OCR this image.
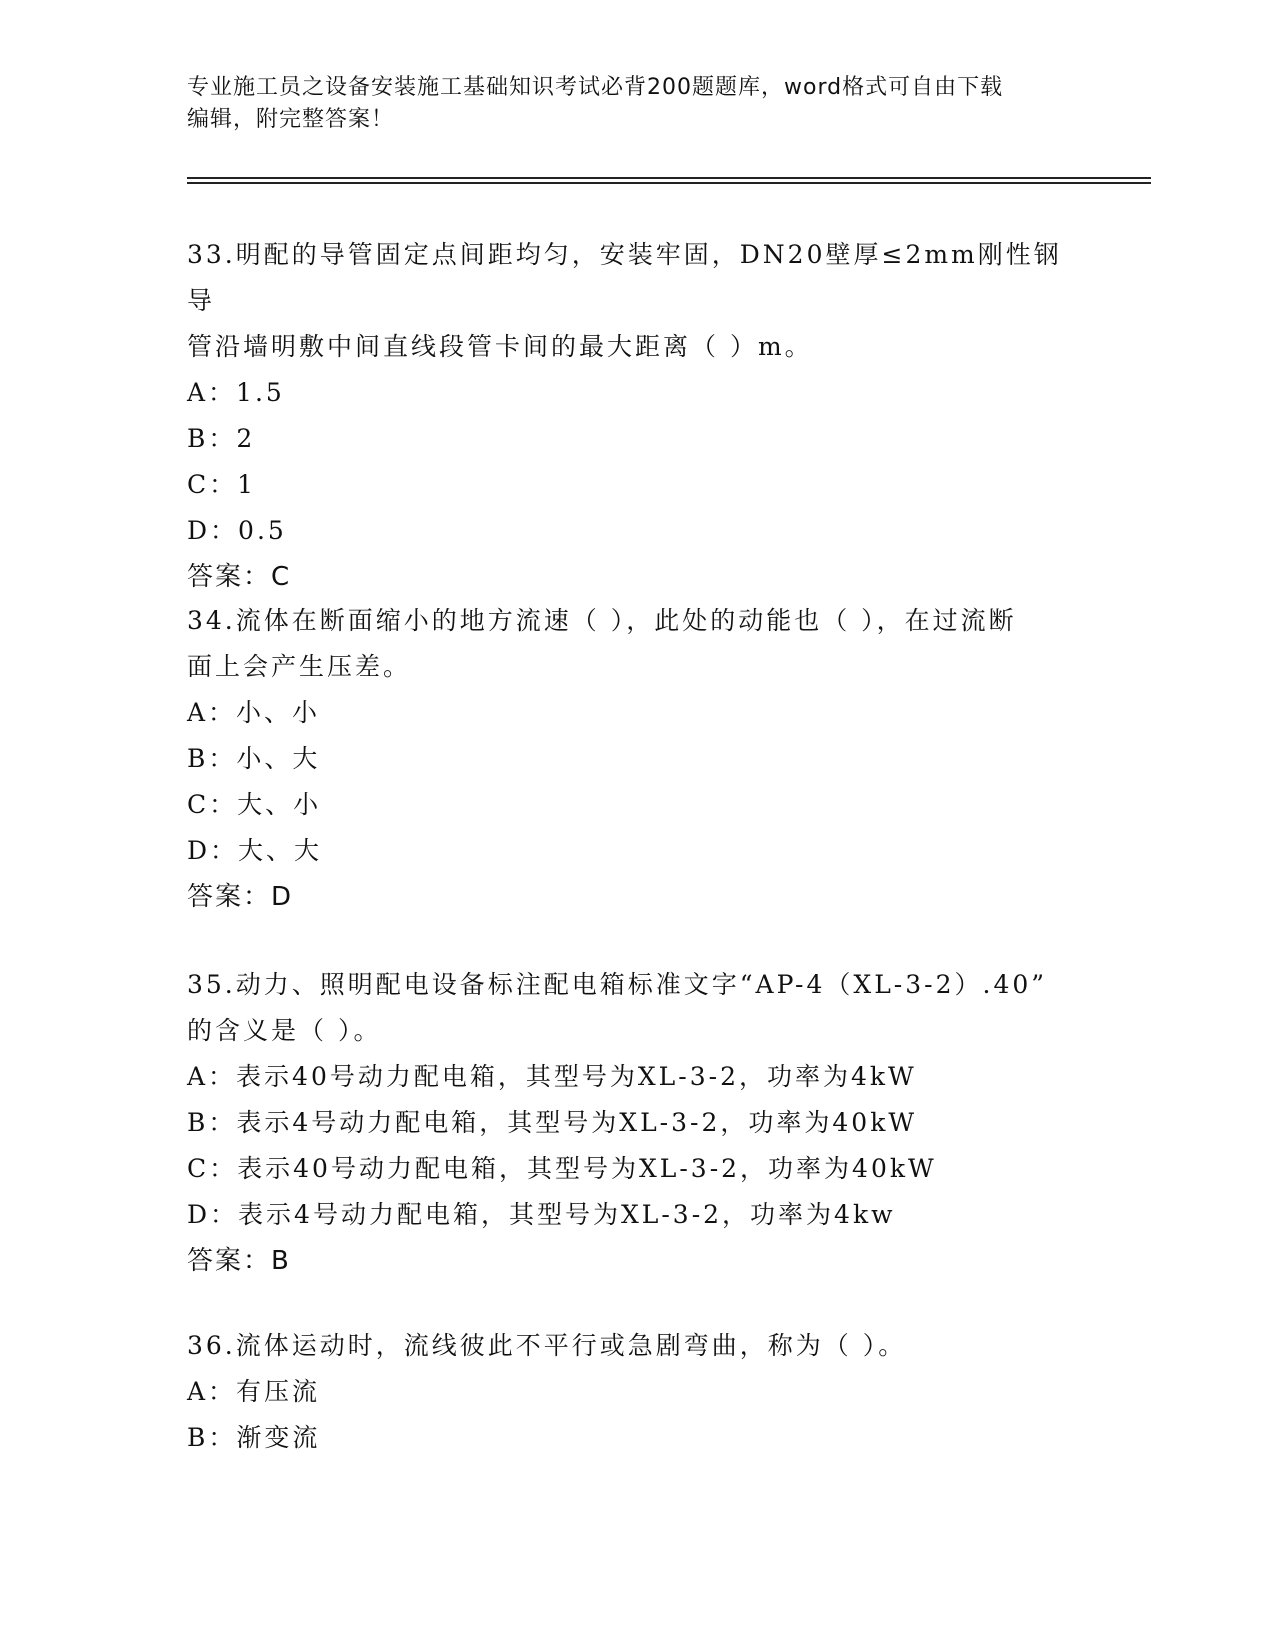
专业施工员之设备安装施工基础知识考试必背200题题库，word格式可自由下载
编辑，附完整答案！
33.明配的导管固定点间距均匀，安装牢固，DN20壁厚≤2mm刚性钢导
管沿墙明敷中间直线段管卡间的最大距离（ ）m。
A：1.5
B：2
C：1
D：0.5
答案：C
34.流体在断面缩小的地方流速（ ），此处的动能也（ ），在过流断
面上会产生压差。
A：小、小
B：小、大
C：大、小
D：大、大
答案：D
35.动力、照明配电设备标注配电箱标准文字“AP-4（XL-3-2）.40”
的含义是（ ）。
A：表示40号动力配电箱，其型号为XL-3-2，功率为4kW
B：表示4号动力配电箱，其型号为XL-3-2，功率为40kW
C：表示40号动力配电箱，其型号为XL-3-2，功率为40kW
D：表示4号动力配电箱，其型号为XL-3-2，功率为4kw
答案：B
36.流体运动时，流线彼此不平行或急剧弯曲，称为（ ）。
A：有压流
B：渐变流
